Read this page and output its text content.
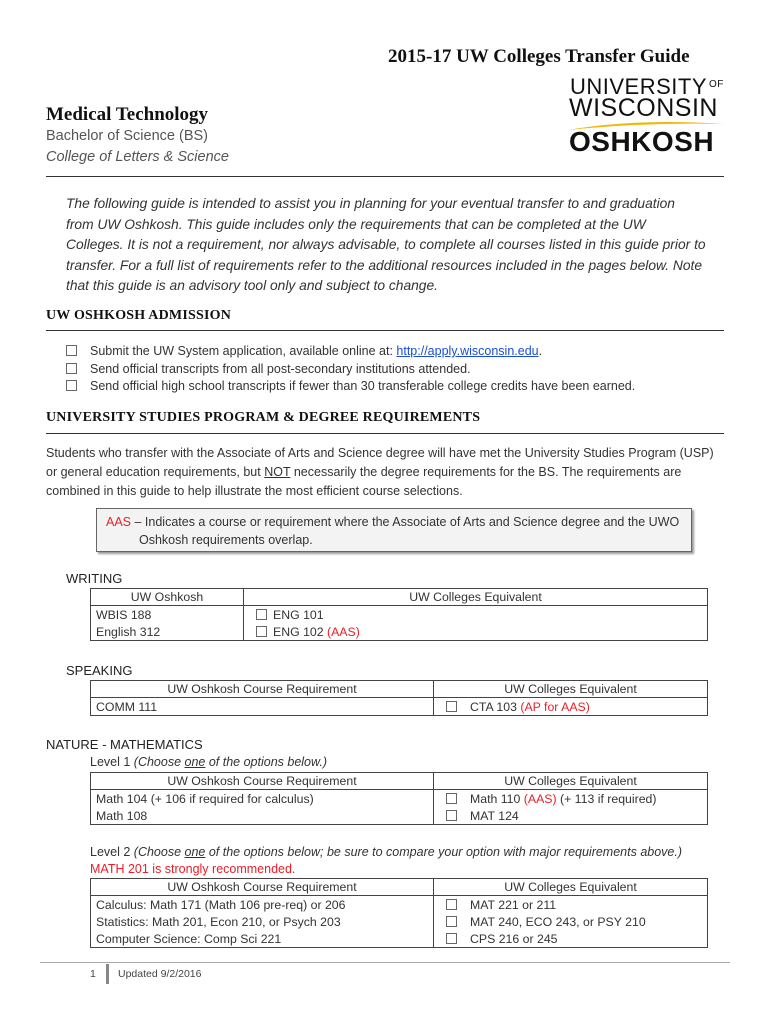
2015-17 UW Colleges Transfer Guide
Medical Technology
Bachelor of Science (BS)
College of Letters & Science
UNIVERSITY $^{OF}$
WISCONSIN
OSHKOSH
The following guide is intended to assist you in planning for your eventual transfer to and graduation from UW Oshkosh. This guide includes only the requirements that can be completed at the UW Colleges. It is not a requirement, nor always advisable, to complete all courses listed in this guide prior to transfer. For a full list of requirements refer to the additional resources included in the pages below. Note that this guide is an advisory tool only and subject to change.
UW OSHKOSH ADMISSION
Submit the UW System application, available online at: http://apply.wisconsin.edu.
Send official transcripts from all post-secondary institutions attended.
Send official high school transcripts if fewer than 30 transferable college credits have been earned.
UNIVERSITY STUDIES PROGRAM & DEGREE REQUIREMENTS
Students who transfer with the Associate of Arts and Science degree will have met the University Studies Program (USP) or general education requirements, but NOT necessarily the degree requirements for the BS. The requirements are combined in this guide to help illustrate the most efficient course selections.
AAS – Indicates a course or requirement where the Associate of Arts and Science degree and the UWO
Oshkosh requirements overlap.
WRITING
UW Oshkosh	UW Colleges Equivalent
WBIS 188	ENG 101
English 312	ENG 102 (AAS)
SPEAKING
UW Oshkosh Course Requirement	UW Colleges Equivalent
COMM 111	CTA 103 (AP for AAS)
NATURE - MATHEMATICS
Level 1 (Choose one of the options below.)
UW Oshkosh Course Requirement	UW Colleges Equivalent
Math 104 (+ 106 if required for calculus)	Math 110 (AAS) (+ 113 if required)
Math 108	MAT 124
Level 2 (Choose one of the options below; be sure to compare your option with major requirements above.)
MATH 201 is strongly recommended.
UW Oshkosh Course Requirement	UW Colleges Equivalent
Calculus: Math 171 (Math 106 pre-req) or 206	MAT 221 or 211
Statistics: Math 201, Econ 210, or Psych 203	MAT 240, ECO 243, or PSY 210
Computer Science: Comp Sci 221	CPS 216 or 245
1 Updated 9/2/2016
